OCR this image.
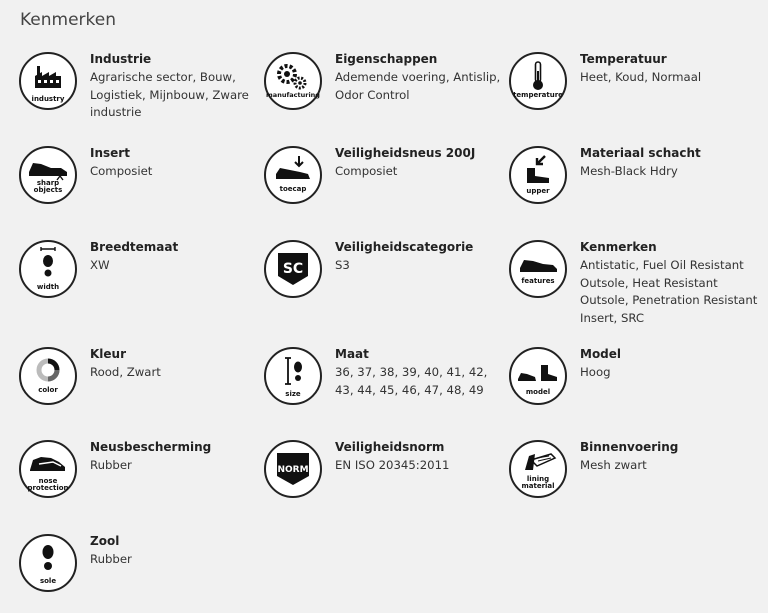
Kenmerken
industry
Industrie
Agrarische sector, Bouw,
Logistiek, Mijnbouw, Zware
industrie
manufacturing
Eigenschappen
Ademende voering, Antislip,
Odor Control	temperature
Temperatuur
Heet, Koud, Normaal
sharp
objects
Insert
Composiet
toecap
Veiligheidsneus 200J
Composiet
upper
Materiaal schacht
Mesh-Black Hdry
width
Breedtemaat
XW	SC
Veiligheidscategorie
S3
features
Kenmerken
Antistatic, Fuel Oil Resistant
Outsole, Heat Resistant
Outsole, Penetration Resistant
Insert, SRC
color
Kleur
Rood, Zwart
size
Maat
36, 37, 38, 39, 40, 41, 42,
43, 44, 45, 46, 47, 48, 49	model
Model
Hoog
nose
protection
Neusbescherming
Rubber	NORM
Veiligheidsnorm
EN ISO 20345:2011
lining
material
Binnenvoering
Mesh zwart
sole
Zool
Rubber
